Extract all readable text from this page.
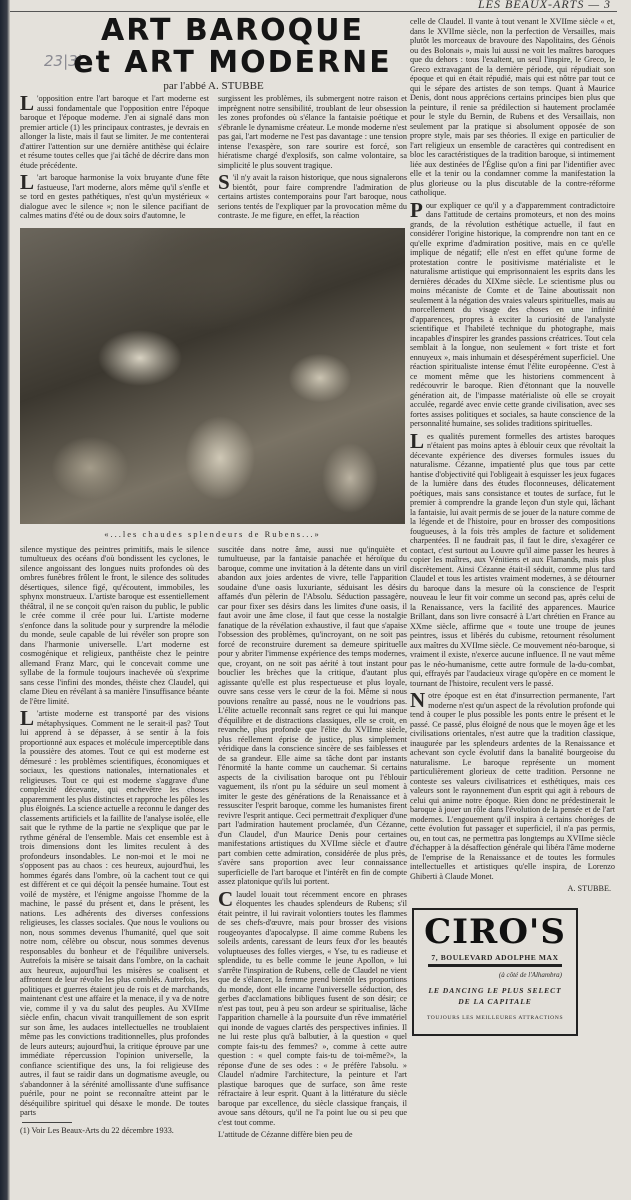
LES BEAUX-ARTS — 3
23|3|
ART BAROQUE
et ART MODERNE
par l'abbé A. STUBBE

L 'opposition entre l'art baroque et l'art moderne est aussi fondamentale que l'opposition entre l'époque baroque et l'époque moderne. J'en ai signalé dans mon premier article (1) les principaux contrastes, je devrais en allonger la liste, mais il faut se limiter. Je me contenterai d'attirer l'attention sur une dernière antithèse qui éclaire et résume toutes celles que j'ai tâché de décrire dans mon étude précédente.

L 'art baroque harmonise la voix bruyante d'une fête fastueuse, l'art moderne, alors même qu'il s'enfle et se tord en gestes pathétiques, n'est qu'un mystérieux « dialogue avec le silence »; non le silence pacifiant de calmes matins d'été ou de doux soirs d'automne, le

surgissent les problèmes, ils submergent notre raison et imprègnent notre sensibilité, troublant de leur obsession les zones profondes où s'élance la fantaisie poétique et s'ébranle le dynamisme créateur. Le monde moderne n'est pas gai, l'art moderne ne l'est pas davantage : une tension intense l'exaspère, son rare sourire est forcé, son hiératisme chargé d'explosifs, son calme volontaire, sa simplicité le plus souvent tragique.

S 'il n'y avait la raison historique, que nous signalerons bientôt, pour faire comprendre l'admiration de certains artistes contemporains pour l'art baroque, nous serions tentés de l'expliquer par la provocation même du contraste. Je me figure, en effet, la réaction

«...les chaudes splendeurs de Rubens...»

silence mystique des peintres primitifs, mais le silence tumultueux des océans d'où bondissent les cyclones, le silence angoissant des longues nuits profondes où des ombres funèbres frôlent le front, le silence des solitudes désertiques, silence figé, qu'écoutent, immobiles, les sphynx monstrueux. L'artiste baroque est essentiellement théâtral, il ne se conçoit qu'en raison du public, le public le crée comme il crée pour lui. L'artiste moderne s'enfonce dans la solitude pour y surprendre la mélodie du monde, seule capable de lui révéler son propre son dans l'harmonie universelle. L'art moderne est cosmogénique et religieux, panthéiste chez le peintre allemand Franz Marc, qui le concevait comme une syllabe de la formule toujours inachevée où s'exprime sans cesse l'infini des mondes, théiste chez Claudel, qui clame Dieu en révélant à sa manière l'insuffisance béante de l'être limité.

L 'artiste moderne est transporté par des visions métaphysiques. Comment ne le serait-il pas? Tout lui apprend à se dépasser, à se sentir à la fois proportionné aux espaces et molécule imperceptible dans la poussière des atomes. Tout ce qui est moderne est démesuré : les problèmes scientifiques, économiques et sociaux, les questions nationales, internationales et religieuses. Tout ce qui est moderne s'aggrave d'une complexité décevante, qui enchevêtre les choses apparemment les plus distinctes et rapproche les pôles les plus éloignés. La science actuelle a reconnu le danger des classements artificiels et la faillite de l'analyse isolée, elle sait que le rythme de la partie ne s'explique que par le rythme général de l'ensemble. Mais cet ensemble est à trois dimensions dont les limites reculent à des profondeurs insondables. Le non-moi et le moi ne s'opposent pas au chaos : ces heureux, aujourd'hui, les hommes égarés dans l'ombre, où la cachent tout ce qui est différent et ce qui déçoit la pensée humaine. Tout est voilé de mystère, et l'énigme angoisse l'homme de la machine, le passé du présent et, dans le présent, les nations. Les adhérents des diverses confessions religieuses, les classes sociales. Que nous le voulions ou non, nous sommes devenus l'humanité, quel que soit notre nom, célèbre ou obscur, nous sommes devenus responsables du bonheur et de l'équilibre universels. Autrefois la misère se taisait dans l'ombre, on la cachait aux heureux, aujourd'hui les misères se coalisent et affrontent de leur révolte les plus comblés. Autrefois, les politiques et guerres étaient jeu de rois et de marchands, maintenant c'est une affaire et la menace, il y va de notre vie, comme il y va du salut des peuples. Au XVIIme siècle enfin, chacun vivait tranquillement de son esprit sur son âme, les audaces intellectuelles ne troublaient même pas les convictions traditionnelles, plus profondes de leurs auteurs; aujourd'hui, la critique éprouve par une immédiate répercussion l'opinion universelle, la confiance scientifique des uns, la foi religieuse des autres, il faut se raidir dans un dogmatisme aveugle, ou s'abandonner à la sérénité amollissante d'une suffisance puérile, pour ne point se reconnaître atteint par le déséquilibre spirituel qui désaxe le monde. De toutes parts

(1) Voir Les Beaux-Arts du 22 décembre 1933.

suscitée dans notre âme, aussi nue qu'inquiète et tumultueuse, par la fantaisie panachée et héroïque du baroque, comme une invitation à la détente dans un viril abandon aux joies ardentes de vivre, telle l'apparition soudaine d'une oasis luxuriante, séduisant les désirs affamés d'un pèlerin de l'Absolu. Séduction passagère, car pour fixer ses désirs dans les limites d'une oasis, il faut avoir une âme close, il faut que cesse la nostalgie fanatique de la révélation exhaustive, il faut que s'apaise l'obsession des problèmes, qu'incroyant, on ne soit pas forcé de reconstruire durement sa demeure spirituelle pour y abriter l'immense expérience des temps modernes, que, croyant, on ne soit pas aérité à tout instant pour bouclier les brèches que la critique, d'autant plus agissante qu'elle est plus respectueuse et plus loyale, ouvre sans cesse vers le cœur de la foi. Même si nous pouvions renaître au passé, nous ne le voudrions pas. L'élite actuelle reconnaît sans regret ce qui lui manque d'équilibre et de distractions classiques, elle se croit, en revanche, plus profonde que l'élite du XVIIme siècle, plus réellement éprise de justice, plus simplement véridique dans la conscience sincère de ses faiblesses et de sa grandeur. Elle aime sa tâche dont par instants l'énormité la hante comme un cauchemar. Si certains aspects de la civilisation baroque ont pu l'éblouir vaguement, ils n'ont pu la séduire un seul moment à imiter le geste des générations de la Renaissance et à ressusciter l'esprit baroque, comme les humanistes firent revivre l'esprit antique. Ceci permettrait d'expliquer d'une part l'admiration hautement proclamée, d'un Cézanne, d'un Claudel, d'un Maurice Denis pour certaines manifestations artistiques du XVIIme siècle et d'autre part combien cette admiration, considérée de plus près, s'avère sans proportion avec leur connaissance superficielle de l'art baroque et l'intérêt en fin de compte assez platonique qu'ils lui portent.

Claudel louait tout récemment encore en phrases éloquentes les chaudes splendeurs de Rubens; s'il était peintre, il lui ravirait volontiers toutes les flammes de ses chefs-d'œuvre, mais pour brosser des visions rougeoyantes d'apocalypse. Il aime comme Rubens les soleils ardents, caressant de leurs feux d'or les beautés voluptueuses des folles vierges, « Yse, tu es radieuse et splendide, tu es belle comme le jeune Apollon, » lui s'arrête l'inspiration de Rubens, celle de Claudel ne vient que de s'élancer, la femme prend bientôt les proportions du monde, dont elle incarne l'universelle séduction, des gerbes d'acclamations bibliques fusent de son désir; ce n'est pas tout, peu à peu son ardeur se spiritualise, lâche l'apparition charnelle à la poursuite d'un rêve immatériel qui inonde de vagues clartés des perspectives infinies. Il ne lui reste plus qu'à balbutier, à la question « quel compte fais-tu des femmes? », comme à cette autre question : « quel compte fais-tu de toi-même?», la réponse d'une de ses odes : « Je préfère l'absolu. » Claudel n'admire l'architecture, la peinture et l'art plastique baroques que de surface, son âme reste réfractaire à leur esprit. Quant à la littérature du siècle baroque par excellence, du siècle classique français, il avoue sans détours, qu'il ne l'a point lue ou si peu que c'est tout comme.

L'attitude de Cézanne diffère bien peu de

celle de Claudel. Il vante à tout venant le XVIIme siècle « et, dans le XVIIme siècle, non la perfection de Versailles, mais plutôt les morceaux de bravoure des Napolitains, des Génois ou des Bolonais », mais lui aussi ne voit les maîtres baroques que du dehors : tous l'exaltent, un seul l'inspire, le Greco, le Greco extravagant de la dernière période, qui répudiait son époque et qui en était répudié, mais qui est nôtre par tout ce qui le sépare des artistes de son temps. Quant à Maurice Denis, dont nous apprécions certains principes bien plus que la peinture, il renie sa prédilection si hautement proclamée pour le style du Bernin, de Rubens et des Versaillais, non seulement par la pratique si absolument opposée de son propre style, mais par ses théories. Il exige en particulier de l'art religieux un ensemble de caractères qui contredisent en bloc les caractéristiques de la tradition baroque, si intimement liée aux destinées de l'Église qu'on a fini par l'identifier avec elle et la tenir ou la condamner comme la manifestation la plus glorieuse ou la plus discutable de la contre-réforme catholique.

Pour expliquer ce qu'il y a d'apparemment contradictoire dans l'attitude de certains promoteurs, et non des moins grands, de la révolution esthétique actuelle, il faut en considérer l'origine historique, la comprendre non tant en ce qu'elle exprime d'admiration positive, mais en ce qu'elle implique de négatif; elle n'est en effet qu'une forme de protestation contre le positivisme matérialiste et le naturalisme artistique qui emprisonnaient les esprits dans les dernières décades du XIXme siècle. Le scientisme plus ou moins mécaniste de Comte et de Taine aboutissait non seulement à la négation des vraies valeurs spirituelles, mais au morcellement du visage des choses en une infinité d'apparences, propres à exciter la curiosité de l'analyste scientifique et l'habileté technique du photographe, mais incapables d'inspirer les grandes passions créatrices. Tout cela semblait à la longue, non seulement « fort triste et fort ennuyeux », mais inhumain et désespérément superficiel. Une réaction spiritualiste intense émut l'élite européenne. C'est à ce moment même que les historiens commencent à redécouvrir le baroque. Rien d'étonnant que la nouvelle génération ait, de l'impasse matérialiste où elle se croyait acculée, regardé avec envie cette grande civilisation, avec ses fortes assises politiques et sociales, sa haute conscience de la personnalité humaine, ses solides traditions spirituelles.

Les qualités purement formelles des artistes baroques n'étaient pas moins aptes à éblouir ceux que révoltait la décevante expérience des diverses formules issues du naturalisme. Cézanne, impatienté plus que tous par cette hantise d'objectivité qui l'obligeait à esquisser les jeux fugaces de la lumière dans des études floconneuses, délicatement poétiques, mais sans consistance et toutes de surface, fut le premier à comprendre la grande leçon d'un style qui, lâchant la fantaisie, lui avait permis de se jouer de la nature comme de la légende et de l'histoire, pour en brosser des compositions fougueuses, à la fois très amples de facture et solidement charpentées. Il ne faudrait pas, il faut le dire, s'exagérer ce contact, c'est surtout au Louvre qu'il aime passer les heures à copier les maîtres, aux Vénitiens et aux Flamands, mais plus discrètement. Ainsi Cézanne était-il séduit, comme plus tard Claudel et tous les artistes vraiment modernes, à se détourner du baroque dans la mesure où la conscience de l'esprit nouveau le leur fit voir comme un second pas, après celui de la Renaissance, vers la facilité des apparences. Maurice Brillant, dans son livre consacré à L'art chrétien en France au XXme siècle, affirme que « toute une troupe de jeunes peintres, issus et libérés du cubisme, retournent résolument aux maîtres du XVIIme siècle. Ce mouvement néo-baroque, si vraiment il existe, n'exerce aucune influence. Il ne vaut même pas le néo-humanisme, cette autre formule de la-du-combat, qui, effrayés par l'audacieux virage qu'opère en ce moment le tournant de l'histoire, reculent vers le passé.

Notre époque est en état d'insurrection permanente, l'art moderne n'est qu'un aspect de la révolution profonde qui tend à couper le plus possible les ponts entre le présent et le passé. Ce passé, plus éloigné de nous que le moyen âge et les civilisations orientales, n'est autre que la tradition classique, inaugurée par les splendeurs ardentes de la Renaissance et achevant son cycle évolutif dans la banalité bourgeoise du naturalisme. Le baroque représente un moment particulièrement glorieux de cette tradition. Personne ne conteste ses valeurs civilisatrices et esthétiques, mais ces valeurs sont le rayonnement d'un esprit qui agit à rebours de celui qui anime notre époque. Rien donc ne prédestinerait le baroque à jouer un rôle dans l'évolution de la pensée et de l'art modernes. L'engouement qu'il inspira à certains chorèges de cette évolution fut passager et superficiel, il n'a pas permis, ou, en tout cas, ne permettra pas longtemps au XVIIme siècle d'échapper à la désaffection générale qui libéra l'âme moderne de l'emprise de la Renaissance et de toutes les formules intellectuelles et artistiques qu'elle inspira, de Lorenzo Ghiberti à Claude Monet.

A. STUBBE.
CIRO'S
7, BOULEVARD ADOLPHE MAX
(à côté de l'Alhambra)
LE DANCING LE PLUS SELECT
DE LA CAPITALE
TOUJOURS LES MEILLEURES ATTRACTIONS
